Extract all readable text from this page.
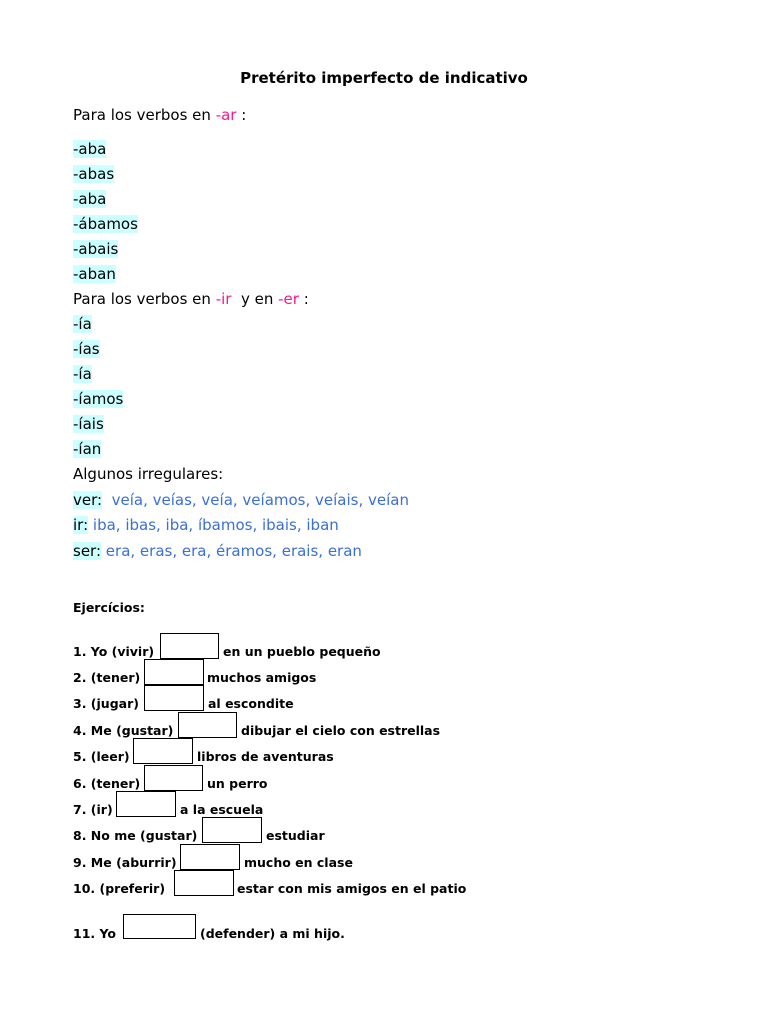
Pretérito imperfecto de indicativo
Para los verbos en -ar :
-aba
-abas
-aba
-ábamos
-abais
-aban
Para los verbos en -ir  y en -er :
-ía
-ías
-ía
-íamos
-íais
-ían
Algunos irregulares:
ver:  veía, veías, veía, veíamos, veíais, veían
ir: iba, ibas, iba, íbamos, ibais, iban
ser: era, eras, era, éramos, erais, eran
Ejercícios:
1. Yo (vivir)	en un pueblo pequeño
2. (tener)	muchos amigos
3. (jugar)	al escondite
4. Me (gustar)	dibujar el cielo con estrellas
5. (leer)	libros de aventuras
6. (tener)	un perro
7. (ir)	a la escuela
8. No me (gustar)	estudiar
9. Me (aburrir)	mucho en clase
10. (preferir)	estar con mis amigos en el patio
11. Yo	(defender) a mi hijo.
